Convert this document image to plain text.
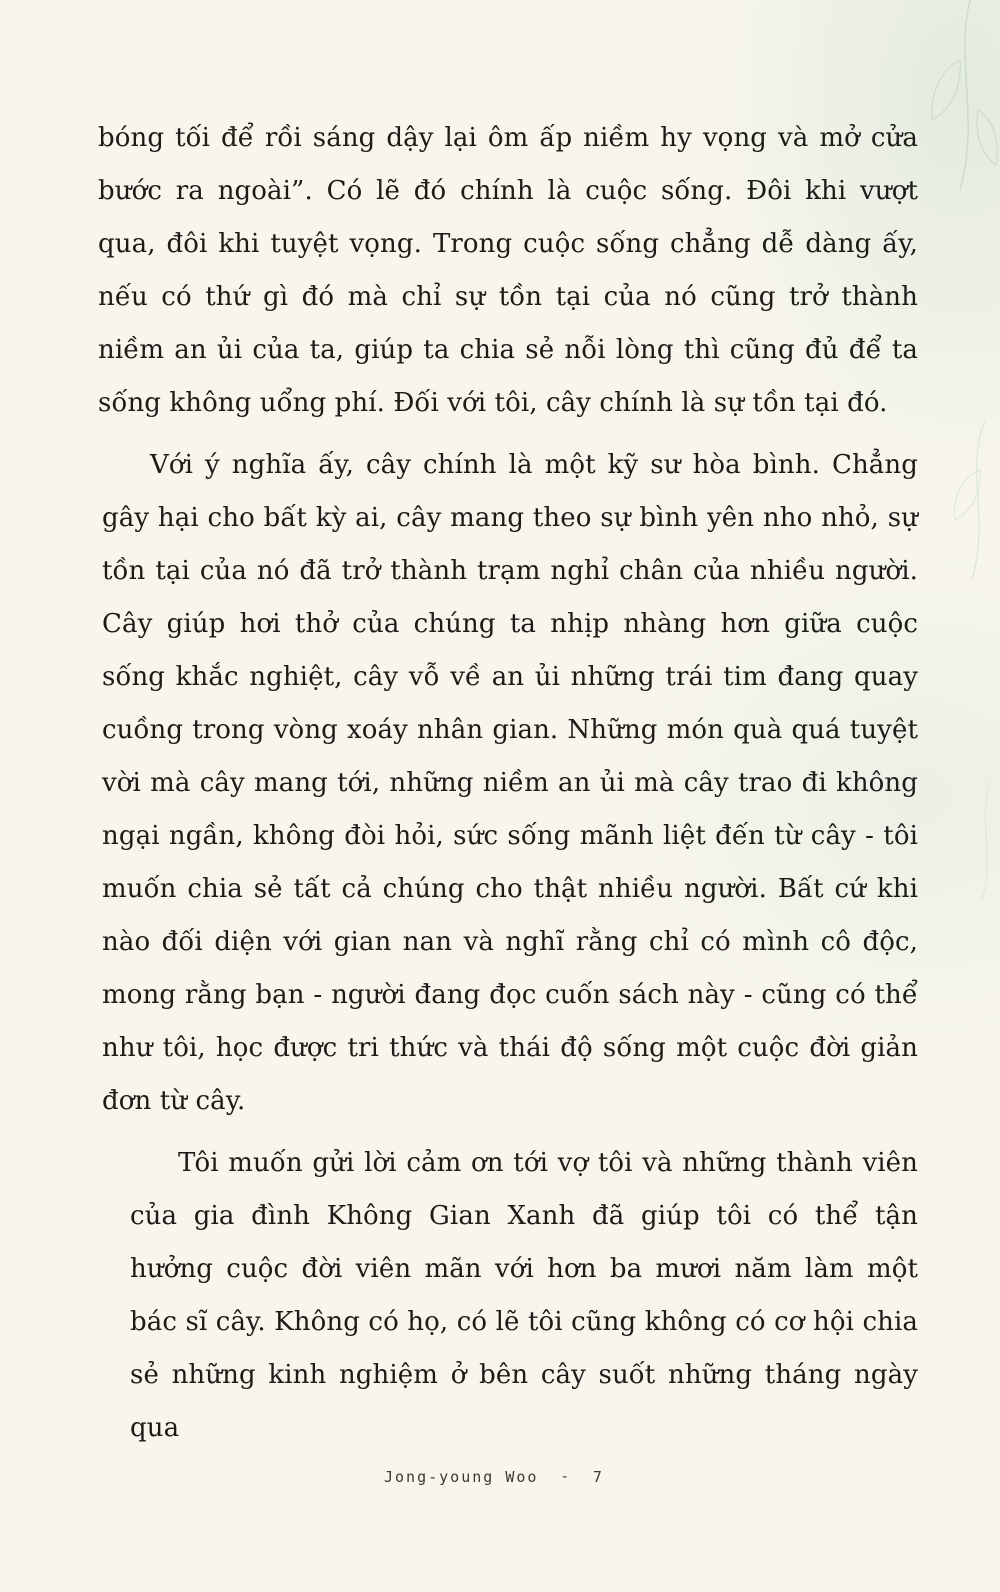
bóng tối để rồi sáng dậy lại ôm ấp niềm hy vọng và mở cửa bước ra ngoài”. Có lẽ đó chính là cuộc sống. Đôi khi vượt qua, đôi khi tuyệt vọng. Trong cuộc sống chẳng dễ dàng ấy, nếu có thứ gì đó mà chỉ sự tồn tại của nó cũng trở thành niềm an ủi của ta, giúp ta chia sẻ nỗi lòng thì cũng đủ để ta sống không uổng phí. Đối với tôi, cây chính là sự tồn tại đó.

Với ý nghĩa ấy, cây chính là một kỹ sư hòa bình. Chẳng gây hại cho bất kỳ ai, cây mang theo sự bình yên nho nhỏ, sự tồn tại của nó đã trở thành trạm nghỉ chân của nhiều người. Cây giúp hơi thở của chúng ta nhịp nhàng hơn giữa cuộc sống khắc nghiệt, cây vỗ về an ủi những trái tim đang quay cuồng trong vòng xoáy nhân gian. Những món quà quá tuyệt vời mà cây mang tới, những niềm an ủi mà cây trao đi không ngại ngần, không đòi hỏi, sức sống mãnh liệt đến từ cây - tôi muốn chia sẻ tất cả chúng cho thật nhiều người. Bất cứ khi nào đối diện với gian nan và nghĩ rằng chỉ có mình cô độc, mong rằng bạn - người đang đọc cuốn sách này - cũng có thể như tôi, học được tri thức và thái độ sống một cuộc đời giản đơn từ cây.

Tôi muốn gửi lời cảm ơn tới vợ tôi và những thành viên của gia đình Không Gian Xanh đã giúp tôi có thể tận hưởng cuộc đời viên mãn với hơn ba mươi năm làm một bác sĩ cây. Không có họ, có lẽ tôi cũng không có cơ hội chia sẻ những kinh nghiệm ở bên cây suốt những tháng ngày qua

Jong-young Woo - 7
